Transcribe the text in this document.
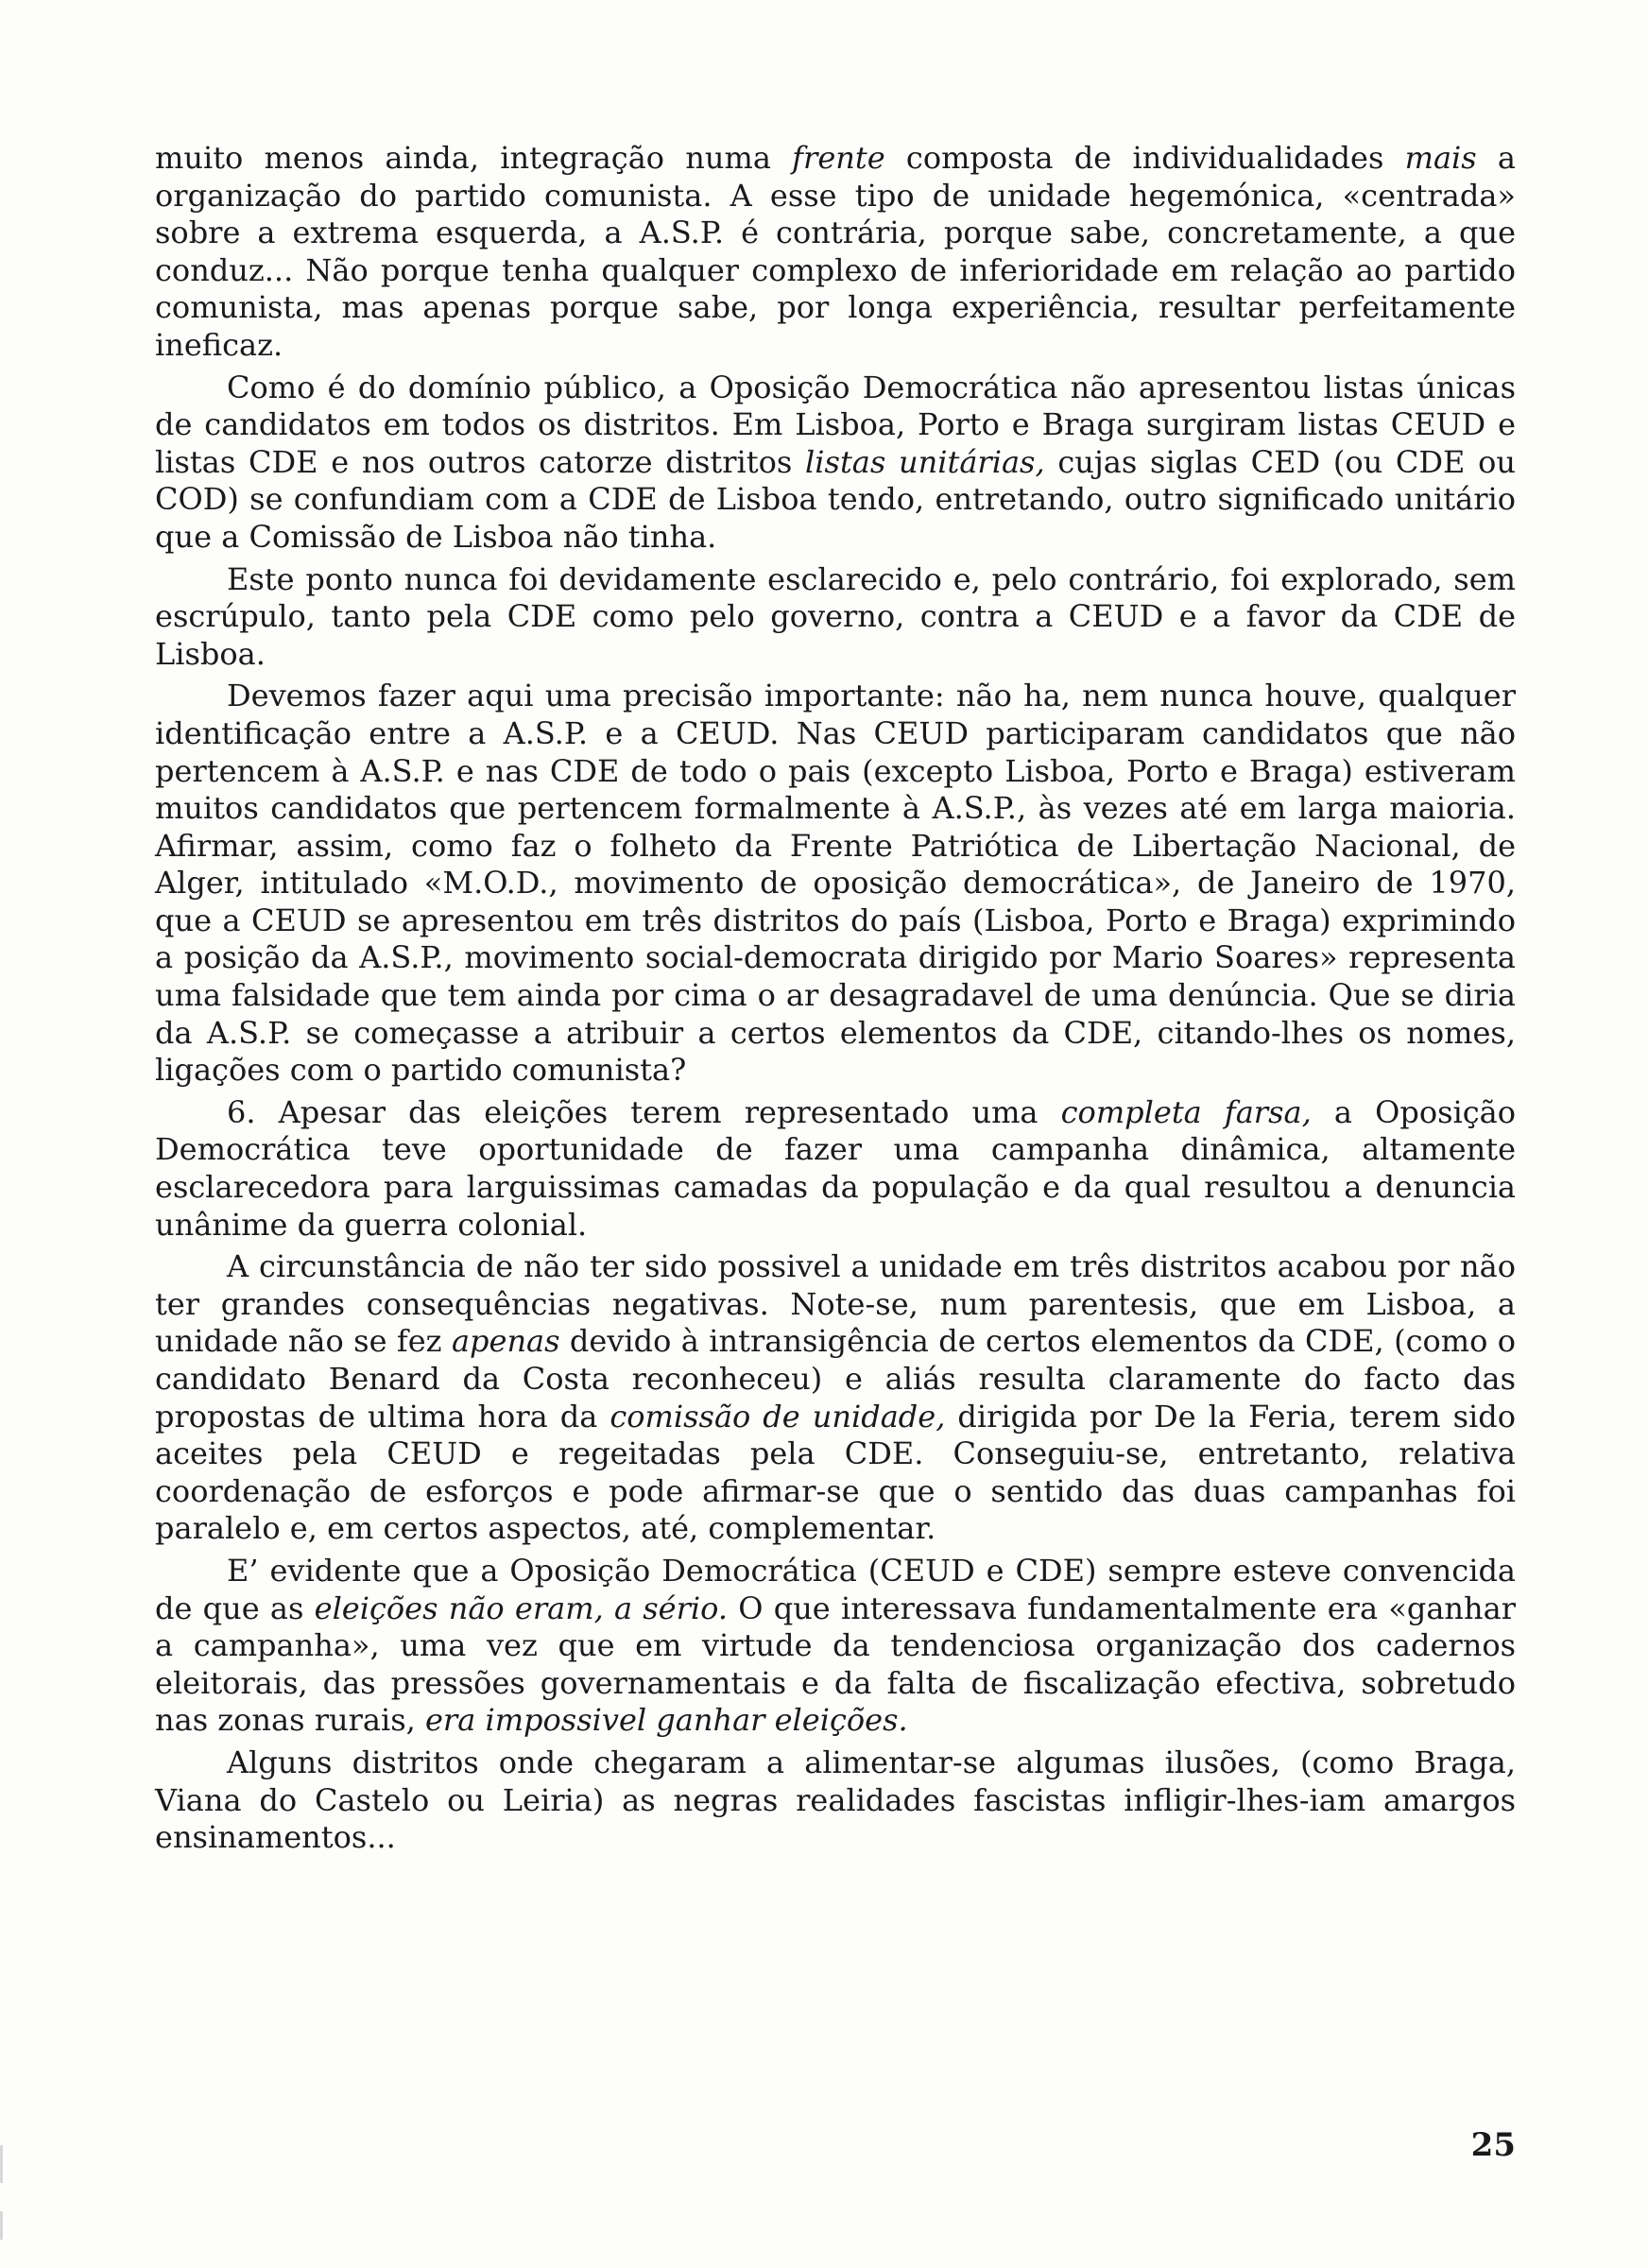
muito menos ainda, integração numa frente composta de individualidades mais a organização do partido comunista. A esse tipo de unidade hegemónica, «centrada» sobre a extrema esquerda, a A.S.P. é contrária, porque sabe, concretamente, a que conduz... Não porque tenha qualquer complexo de inferioridade em relação ao partido comunista, mas apenas porque sabe, por longa experiência, resultar perfeitamente ineficaz.

Como é do domínio público, a Oposição Democrática não apresentou listas únicas de candidatos em todos os distritos. Em Lisboa, Porto e Braga surgiram listas CEUD e listas CDE e nos outros catorze distritos listas unitárias, cujas siglas CED (ou CDE ou COD) se confundiam com a CDE de Lisboa tendo, entretando, outro significado unitário que a Comissão de Lisboa não tinha.

Este ponto nunca foi devidamente esclarecido e, pelo contrário, foi explorado, sem escrúpulo, tanto pela CDE como pelo governo, contra a CEUD e a favor da CDE de Lisboa.

Devemos fazer aqui uma precisão importante: não ha, nem nunca houve, qualquer identificação entre a A.S.P. e a CEUD. Nas CEUD participaram candidatos que não pertencem à A.S.P. e nas CDE de todo o pais (excepto Lisboa, Porto e Braga) estiveram muitos candidatos que pertencem formalmente à A.S.P., às vezes até em larga maioria. Afirmar, assim, como faz o folheto da Frente Patriótica de Libertação Nacional, de Alger, intitulado «M.O.D., movimento de oposição democrática», de Janeiro de 1970, que a CEUD se apresentou em três distritos do país (Lisboa, Porto e Braga) exprimindo a posição da A.S.P., movimento social-democrata dirigido por Mario Soares» representa uma falsidade que tem ainda por cima o ar desagradavel de uma denúncia. Que se diria da A.S.P. se começasse a atribuir a certos elementos da CDE, citando-lhes os nomes, ligações com o partido comunista?

6. Apesar das eleições terem representado uma completa farsa, a Oposição Democrática teve oportunidade de fazer uma campanha dinâmica, altamente esclarecedora para larguissimas camadas da população e da qual resultou a denuncia unânime da guerra colonial.

A circunstância de não ter sido possivel a unidade em três distritos acabou por não ter grandes consequências negativas. Note-se, num parentesis, que em Lisboa, a unidade não se fez apenas devido à intransigência de certos elementos da CDE, (como o candidato Benard da Costa reconheceu) e aliás resulta claramente do facto das propostas de ultima hora da comissão de unidade, dirigida por De la Feria, terem sido aceites pela CEUD e regeitadas pela CDE. Conseguiu-se, entretanto, relativa coordenação de esforços e pode afirmar-se que o sentido das duas campanhas foi paralelo e, em certos aspectos, até, complementar.

E’ evidente que a Oposição Democrática (CEUD e CDE) sempre esteve convencida de que as eleições não eram, a sério. O que interessava fundamentalmente era «ganhar a campanha», uma vez que em virtude da tendenciosa organização dos cadernos eleitorais, das pressões governamentais e da falta de fiscalização efectiva, sobretudo nas zonas rurais, era impossivel ganhar eleições.

Alguns distritos onde chegaram a alimentar-se algumas ilusões, (como Braga, Viana do Castelo ou Leiria) as negras realidades fascistas infligir-lhes-iam amargos ensinamentos...

25
